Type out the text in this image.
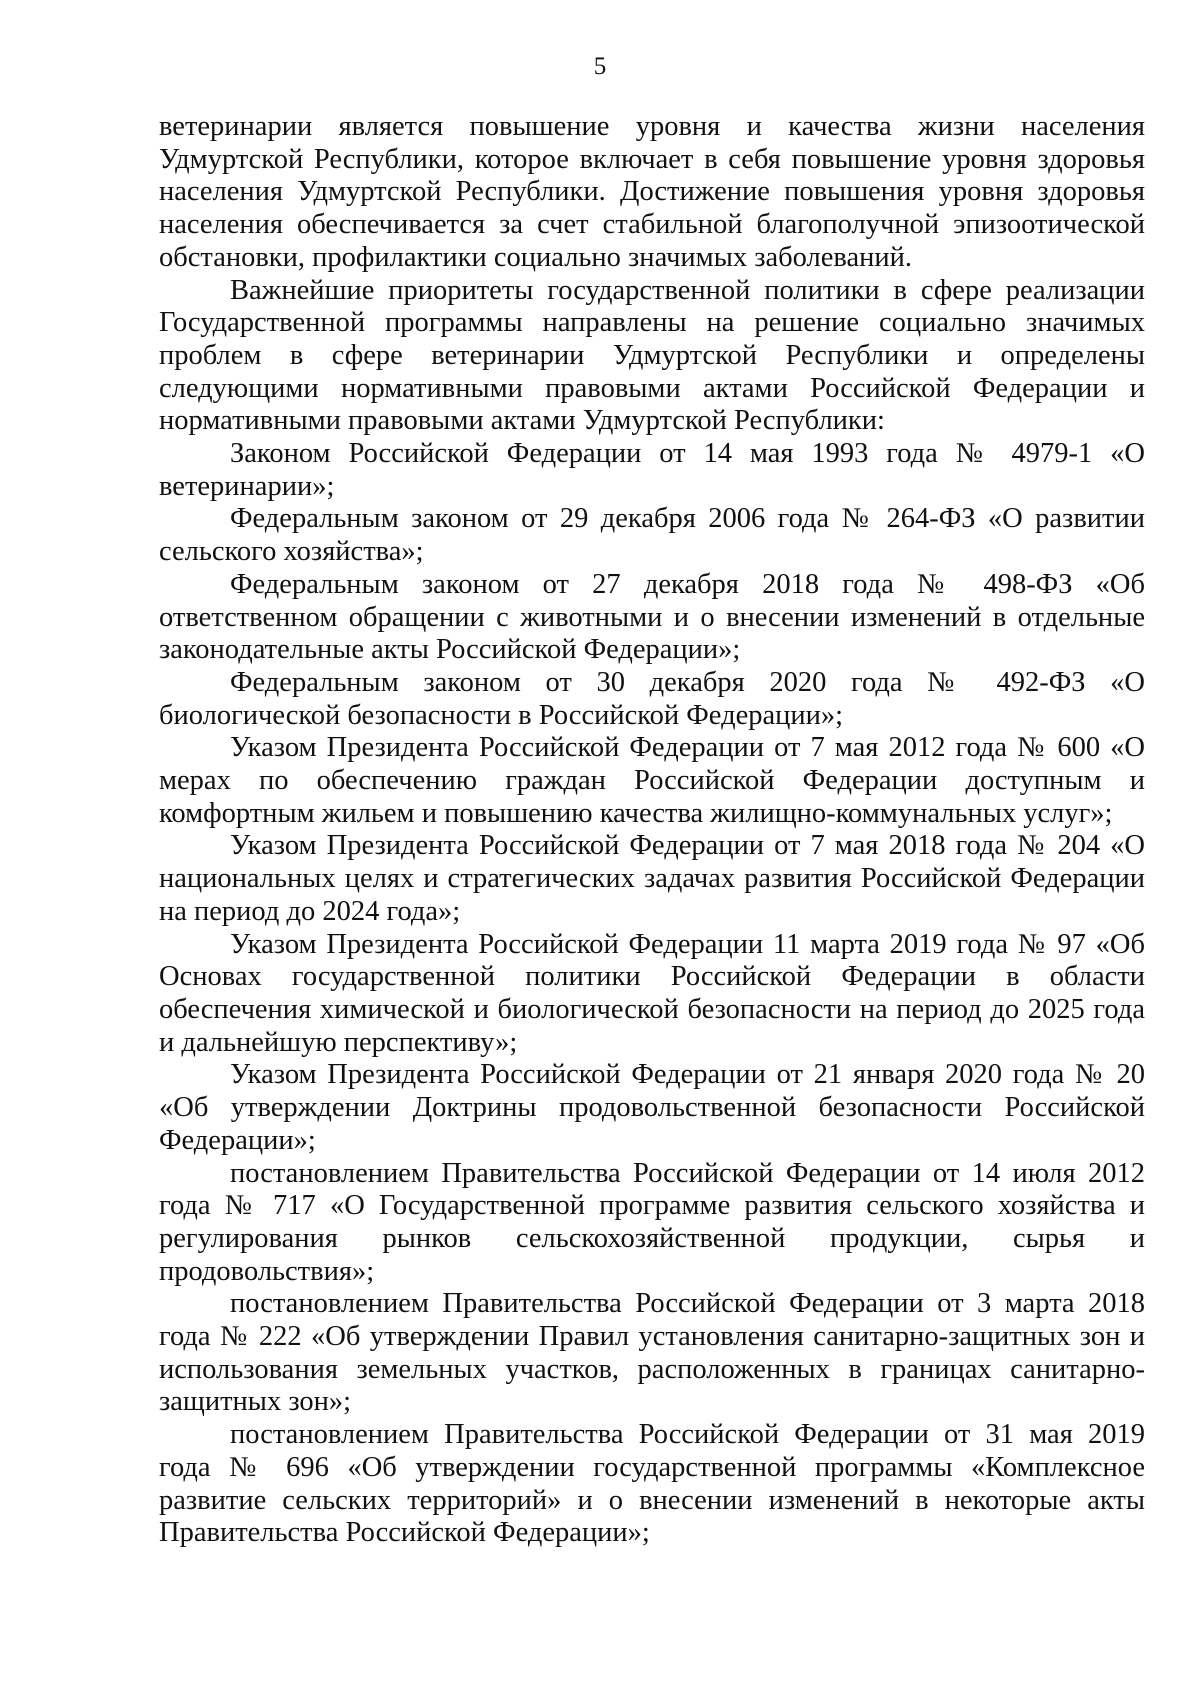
5

ветеринарии является повышение уровня и качества жизни населения Удмуртской Республики, которое включает в себя повышение уровня здоровья населения Удмуртской Республики. Достижение повышения уровня здоровья населения обеспечивается за счет стабильной благополучной эпизоотической обстановки, профилактики социально значимых заболеваний.

Важнейшие приоритеты государственной политики в сфере реализации Государственной программы направлены на решение социально значимых проблем в сфере ветеринарии Удмуртской Республики и определены следующими нормативными правовыми актами Российской Федерации и нормативными правовыми актами Удмуртской Республики:

Законом Российской Федерации от 14 мая 1993 года № 4979-1 «О ветеринарии»;

Федеральным законом от 29 декабря 2006 года № 264-ФЗ «О развитии сельского хозяйства»;

Федеральным законом от 27 декабря 2018 года № 498-ФЗ «Об ответственном обращении с животными и о внесении изменений в отдельные законодательные акты Российской Федерации»;

Федеральным законом от 30 декабря 2020 года № 492-ФЗ «О биологической безопасности в Российской Федерации»;

Указом Президента Российской Федерации от 7 мая 2012 года № 600 «О мерах по обеспечению граждан Российской Федерации доступным и комфортным жильем и повышению качества жилищно-коммунальных услуг»;

Указом Президента Российской Федерации от 7 мая 2018 года № 204 «О национальных целях и стратегических задачах развития Российской Федерации на период до 2024 года»;

Указом Президента Российской Федерации 11 марта 2019 года № 97 «Об Основах государственной политики Российской Федерации в области обеспечения химической и биологической безопасности на период до 2025 года и дальнейшую перспективу»;

Указом Президента Российской Федерации от 21 января 2020 года № 20 «Об утверждении Доктрины продовольственной безопасности Российской Федерации»;

постановлением Правительства Российской Федерации от 14 июля 2012 года № 717 «О Государственной программе развития сельского хозяйства и регулирования рынков сельскохозяйственной продукции, сырья и продовольствия»;

постановлением Правительства Российской Федерации от 3 марта 2018 года № 222 «Об утверждении Правил установления санитарно-защитных зон и использования земельных участков, расположенных в границах санитарно-защитных зон»;

постановлением Правительства Российской Федерации от 31 мая 2019 года № 696 «Об утверждении государственной программы «Комплексное развитие сельских территорий» и о внесении изменений в некоторые акты Правительства Российской Федерации»;
